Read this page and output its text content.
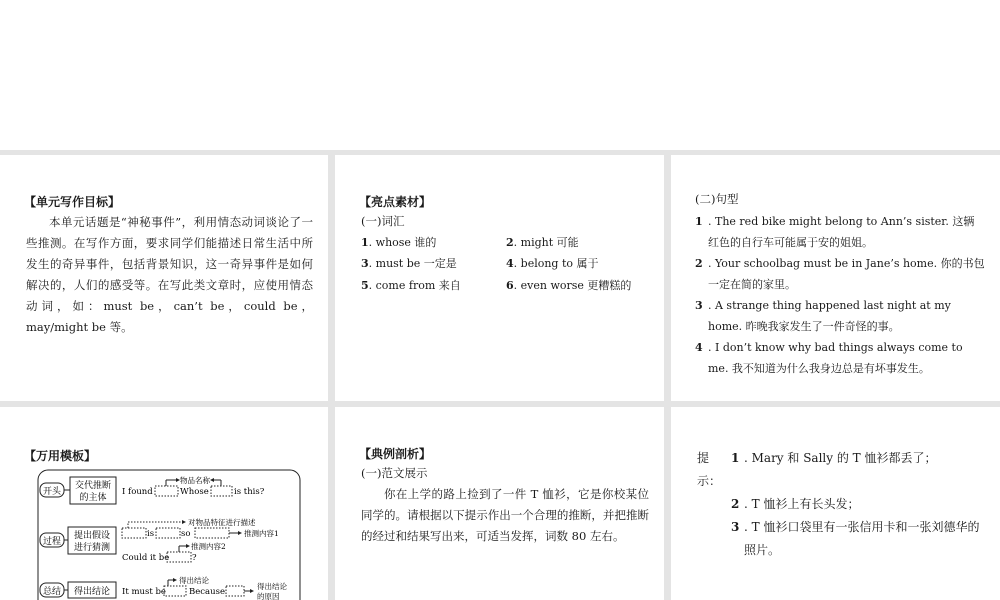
【单元写作目标】
本单元话题是“神秘事件”，利用情态动词谈论了一些推测。在写作方面，要求同学们能描述日常生活中所发生的奇异事件，包括背景知识，这一奇异事件是如何解决的，人们的感受等。在写此类文章时，应使用情态动词，如：must be，can’t be，could be，may/might be 等。
【亮点素材】
(一)词汇
1. whose 谁的	2. might 可能
3. must be 一定是	4. belong to 属于
5. come from 来自	6. even worse 更糟糕的
(二)句型
1 . The red bike might belong to Ann’s sister. 这辆红色的自行车可能属于安的姐姐。
2 . Your schoolbag must be in Jane’s home. 你的书包一定在简的家里。
3 . A strange thing happened last night at my home. 昨晚我家发生了一件奇怪的事。
4 . I don’t know why bad things always come to me. 我不知道为什么我身边总是有坏事发生。
【万用模板】
开头
交代推断
的主体
I found	Whose	is this?
物品名称
过程
提出假设
进行猜测
is	so
对物品特征进行描述
推测内容1
Could it be	?
推测内容2
总结 得出结论 It must be	Because
得出结论
得出结论
的原因
【典例剖析】
(一)范文展示
你在上学的路上捡到了一件 T 恤衫，它是你校某位同学的。请根据以下提示作出一个合理的推断，并把推断的经过和结果写出来，可适当发挥，词数 80 左右。
提示：
1 . Mary 和 Sally 的 T 恤衫都丢了；
2 . T 恤衫上有长头发；
3 . T 恤衫口袋里有一张信用卡和一张刘德华的照片。
